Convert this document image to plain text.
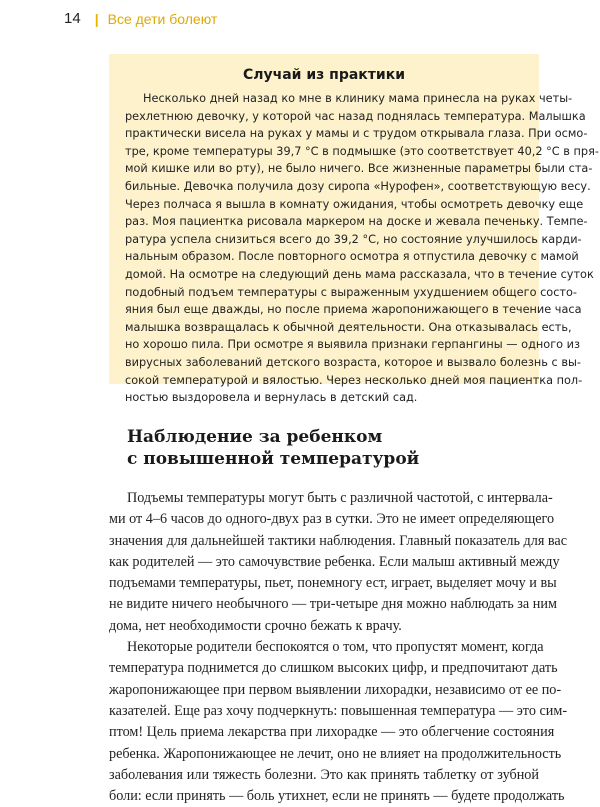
14 | Все дети болеют
Случай из практики
Несколько дней назад ко мне в клинику мама принесла на руках четы-
рехлетнюю девочку, у которой час назад поднялась температура. Малышка
практически висела на руках у мамы и с трудом открывала глаза. При осмо-
тре, кроме температуры 39,7 °С в подмышке (это соответствует 40,2 °С в пря-
мой кишке или во рту), не было ничего. Все жизненные параметры были ста-
бильные. Девочка получила дозу сиропа «Нурофен», соответствующую весу.
Через полчаса я вышла в комнату ожидания, чтобы осмотреть девочку еще
раз. Моя пациентка рисовала маркером на доске и жевала печеньку. Темпе-
ратура успела снизиться всего до 39,2 °С, но состояние улучшилось карди-
нальным образом. После повторного осмотра я отпустила девочку с мамой
домой. На осмотре на следующий день мама рассказала, что в течение суток
подобный подъем температуры с выраженным ухудшением общего состо-
яния был еще дважды, но после приема жаропонижающего в течение часа
малышка возвращалась к обычной деятельности. Она отказывалась есть,
но хорошо пила. При осмотре я выявила признаки герпангины — одного из
вирусных заболеваний детского возраста, которое и вызвало болезнь с вы-
сокой температурой и вялостью. Через несколько дней моя пациентка пол-
ностью выздоровела и вернулась в детский сад.
Наблюдение за ребенком
с повышенной температурой
Подъемы температуры могут быть с различной частотой, с интервала-
ми от 4–6 часов до одного-двух раз в сутки. Это не имеет определяющего
значения для дальнейшей тактики наблюдения. Главный показатель для вас
как родителей — это самочувствие ребенка. Если малыш активный между
подъемами температуры, пьет, понемногу ест, играет, выделяет мочу и вы
не видите ничего необычного — три-четыре дня можно наблюдать за ним
дома, нет необходимости срочно бежать к врачу.
Некоторые родители беспокоятся о том, что пропустят момент, когда
температура поднимется до слишком высоких цифр, и предпочитают дать
жаропонижающее при первом выявлении лихорадки, независимо от ее по-
казателей. Еще раз хочу подчеркнуть: повышенная температура — это сим-
птом! Цель приема лекарства при лихорадке — это облегчение состояния
ребенка. Жаропонижающее не лечит, оно не влияет на продолжительность
заболевания или тяжесть болезни. Это как принять таблетку от зубной
боли: если принять — боль утихнет, если не принять — будете продолжать
